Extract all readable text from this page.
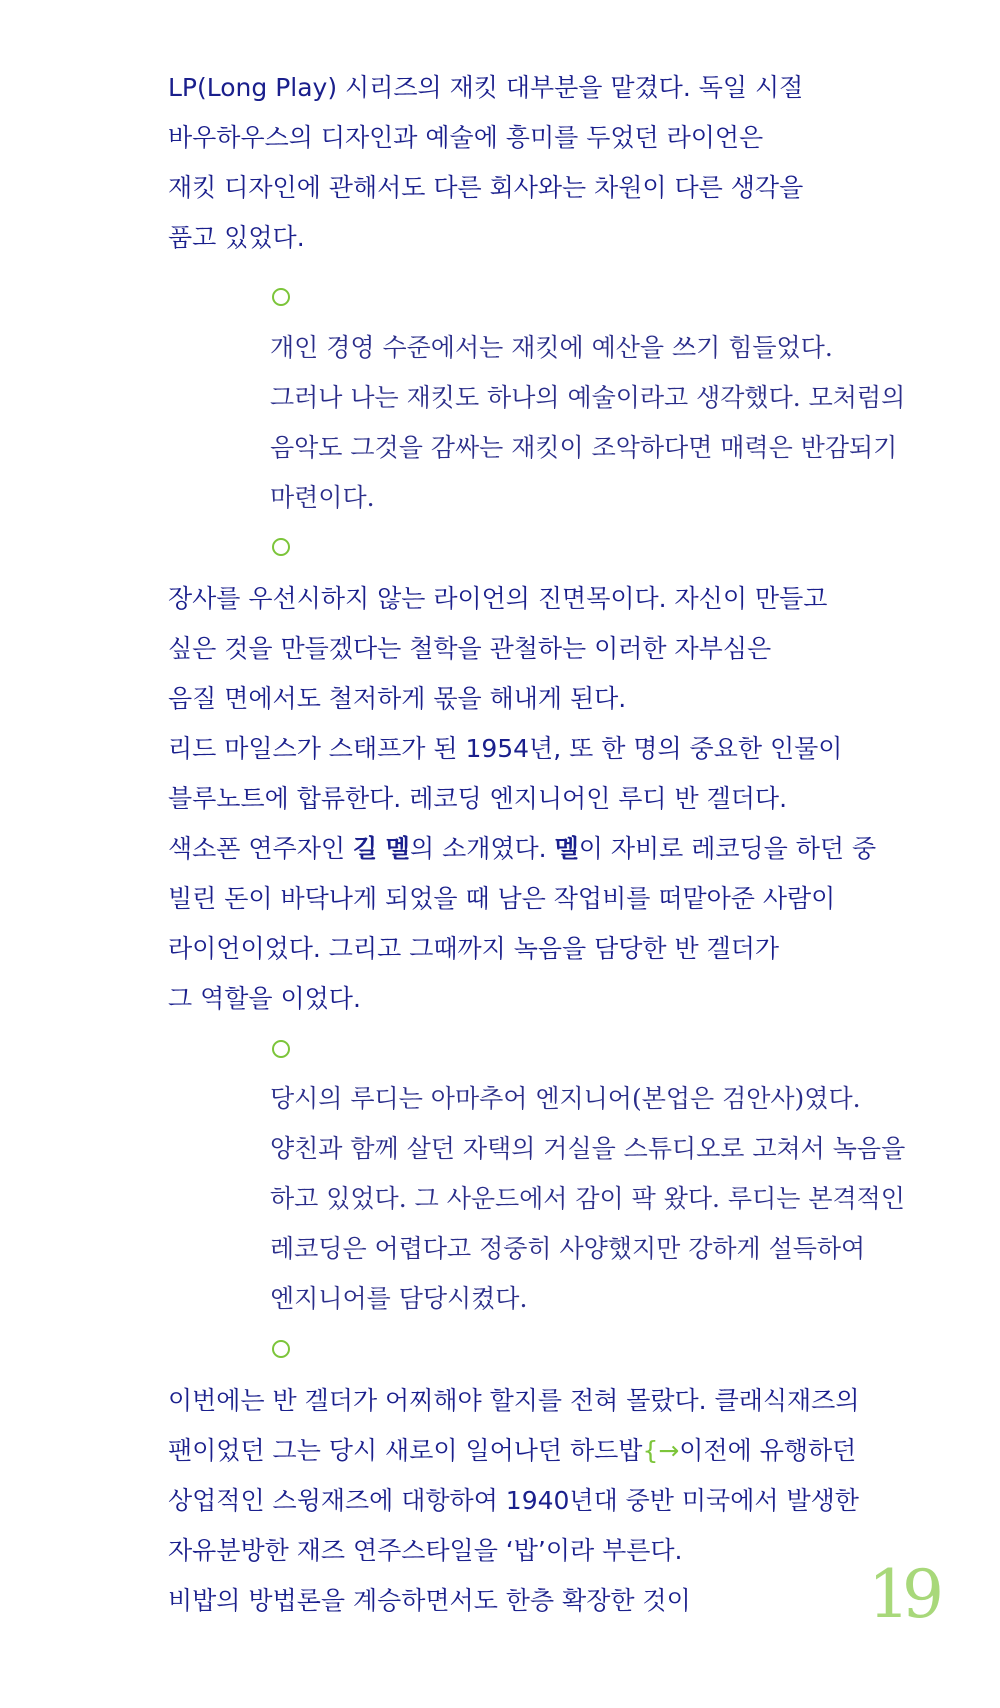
LP(Long Play) 시리즈의 재킷 대부분을 맡겼다. 독일 시절
바우하우스의 디자인과 예술에 흥미를 두었던 라이언은
재킷 디자인에 관해서도 다른 회사와는 차원이 다른 생각을
품고 있었다.
개인 경영 수준에서는 재킷에 예산을 쓰기 힘들었다.
그러나 나는 재킷도 하나의 예술이라고 생각했다. 모처럼의
음악도 그것을 감싸는 재킷이 조악하다면 매력은 반감되기
마련이다.
장사를 우선시하지 않는 라이언의 진면목이다. 자신이 만들고
싶은 것을 만들겠다는 철학을 관철하는 이러한 자부심은
음질 면에서도 철저하게 몫을 해내게 된다.
리드 마일스가 스태프가 된 1954년, 또 한 명의 중요한 인물이
블루노트에 합류한다. 레코딩 엔지니어인 루디 반 겔더다.
색소폰 연주자인 길 멜의 소개였다. 멜이 자비로 레코딩을 하던 중
빌린 돈이 바닥나게 되었을 때 남은 작업비를 떠맡아준 사람이
라이언이었다. 그리고 그때까지 녹음을 담당한 반 겔더가
그 역할을 이었다.
당시의 루디는 아마추어 엔지니어(본업은 검안사)였다.
양친과 함께 살던 자택의 거실을 스튜디오로 고쳐서 녹음을
하고 있었다. 그 사운드에서 감이 팍 왔다. 루디는 본격적인
레코딩은 어렵다고 정중히 사양했지만 강하게 설득하여
엔지니어를 담당시켰다.
이번에는 반 겔더가 어찌해야 할지를 전혀 몰랐다. 클래식재즈의
팬이었던 그는 당시 새로이 일어나던 하드밥{→이전에 유행하던
상업적인 스윙재즈에 대항하여 1940년대 중반 미국에서 발생한
자유분방한 재즈 연주스타일을 ‘밥’이라 부른다.
비밥의 방법론을 계승하면서도 한층 확장한 것이	19
